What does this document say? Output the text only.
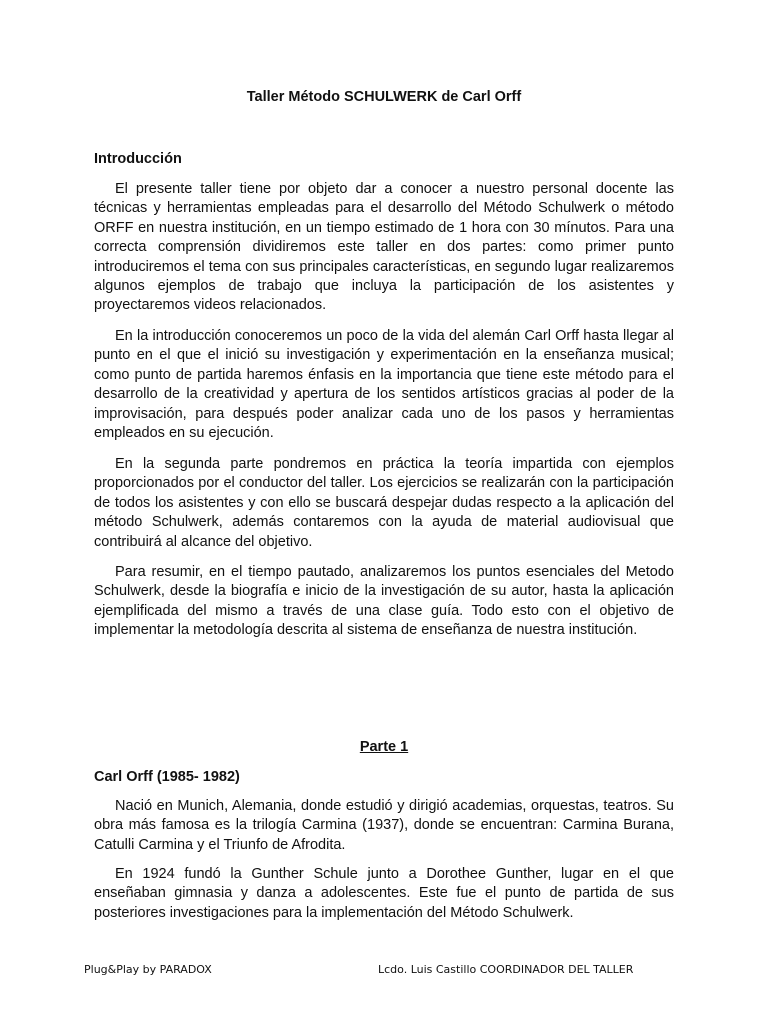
Taller Método SCHULWERK de Carl Orff
Introducción

El presente taller tiene por objeto dar a conocer a nuestro personal docente las técnicas y herramientas empleadas para el desarrollo del Método Schulwerk o método ORFF en nuestra institución, en un tiempo estimado de 1 hora con 30 mínutos. Para una correcta comprensión dividiremos este taller en dos partes: como primer punto introduciremos el tema con sus principales características, en segundo lugar realizaremos algunos ejemplos de trabajo que incluya la participación de los asistentes y proyectaremos videos relacionados.

En la introducción conoceremos un poco de la vida del alemán Carl Orff hasta llegar al punto en el que el inició su investigación y experimentación en la enseñanza musical; como punto de partida haremos énfasis en la importancia que tiene este método para el desarrollo de la creatividad y apertura de los sentidos artísticos gracias al poder de la improvisación, para después poder analizar cada uno de los pasos y herramientas empleados en su ejecución.

En la segunda parte pondremos en práctica la teoría impartida con ejemplos proporcionados por el conductor del taller. Los ejercicios se realizarán con la participación de todos los asistentes y con ello se buscará despejar dudas respecto a la aplicación del método Schulwerk, además contaremos con la ayuda de material audiovisual que contribuirá al alcance del objetivo.

Para resumir, en el tiempo pautado, analizaremos los puntos esenciales del Metodo Schulwerk, desde la biografía e inicio de la investigación de su autor, hasta la aplicación ejemplificada del mismo a través de una clase guía. Todo esto con el objetivo de implementar la metodología descrita al sistema de enseñanza de nuestra institución.

Parte 1
Carl Orff (1985- 1982)

Nació en Munich, Alemania, donde estudió y dirigió academias, orquestas, teatros. Su obra más famosa es la trilogía Carmina (1937), donde se encuentran: Carmina Burana, Catulli Carmina y el Triunfo de Afrodita.

En 1924 fundó la Gunther Schule junto a Dorothee Gunther, lugar en el que enseñaban gimnasia y danza a adolescentes. Este fue el punto de partida de sus posteriores investigaciones para la implementación del Método Schulwerk.

Plug&Play by PARADOX	Lcdo. Luis Castillo COORDINADOR DEL TALLER
